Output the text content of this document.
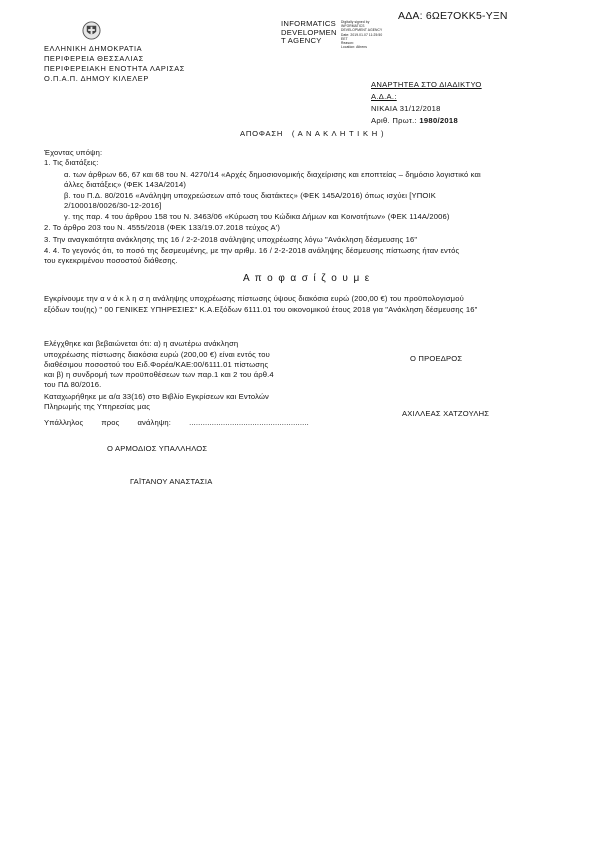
ΑΔΑ: 6ΩΕ7ΟΚΚ5-ΥΞΝ
ΕΛΛΗΝΙΚΗ ΔΗΜΟΚΡΑΤΙΑ
ΠΕΡΙΦΕΡΕΙΑ ΘΕΣΣΑΛΙΑΣ
ΠΕΡΙΦΕΡΕΙΑΚΗ ΕΝΟΤΗΤΑ ΛΑΡΙΣΑΣ
Ο.Π.Α.Π. ΔΗΜΟΥ ΚΙΛΕΛΕΡ
INFORMATICS
DEVELOPMEN
T AGENCY
Digitally signed by
INFORMATICS
DEVELOPMENT AGENCY
Date: 2019.01.07 11:25:50
EET
Reason:
Location: Athens
ΑΝΑΡΤΗΤΕΑ ΣΤΟ ΔΙΑΔΙΚΤΥΟ
Α.Δ.Α.:
ΝΙΚΑΙΑ 31/12/2018
Αριθ. Πρωτ.: 1980/2018
ΑΠΟΦΑΣΗ   ( Α Ν Α Κ Λ Η Τ Ι Κ Η )
Έχοντας υπόψη:
1. Τις διατάξεις:
α. των άρθρων 66, 67 και 68 του Ν. 4270/14 «Αρχές δημοσιονομικής διαχείρισης και εποπτείας – δημόσιο λογιστικό και
άλλες διατάξεις» (ΦΕΚ 143Α/2014)
β. του Π.Δ. 80/2016 «Ανάληψη υποχρεώσεων από τους διατάκτες» (ΦΕΚ 145Α/2016) όπως ισχύει [ΥΠΟΙΚ
2/100018/0026/30-12-2016]
γ. της παρ. 4 του άρθρου 158 του Ν. 3463/06 «Κύρωση του Κώδικα Δήμων και Κοινοτήτων» (ΦΕΚ 114Α/2006)
2. Το άρθρο 203 του Ν. 4555/2018 (ΦΕΚ 133/19.07.2018 τεύχος Α')
3. Την αναγκαιότητα ανάκλησης της 16 / 2-2-2018 ανάληψης υποχρέωσης λόγω "Ανάκληση δέσμευσης 16"
4. 4. Το γεγονός ότι, το ποσό της δεσμευμένης, με την αριθμ. 16 / 2-2-2018 ανάληψης δέσμευσης πίστωσης ήταν εντός
του εγκεκριμένου ποσοστού διάθεσης.
Α π ο φ α σ ί ζ ο υ μ ε
Εγκρίνουμε την α ν ά κ λ η σ η ανάληψης υποχρέωσης πίστωσης ύψους διακόσια ευρώ (200,00 €) του προϋπολογισμού
εξόδων του(ης) " 00 ΓΕΝΙΚΕΣ ΥΠΗΡΕΣΙΕΣ" Κ.Α.Εξόδων 6111.01 του οικονομικού έτους 2018 για "Ανάκληση δέσμευσης 16"
Ελέγχθηκε και βεβαιώνεται ότι: α) η ανωτέρω ανάκληση
υποχρέωσης πίστωσης διακόσια ευρώ (200,00 €) είναι εντός του
διαθέσιμου ποσοστού του Ειδ.Φορέα/ΚΑΕ:00/6111.01 πίστωσης
και β) η συνδρομή των προϋποθέσεων των παρ.1 και 2 του άρθ.4
του ΠΔ 80/2016.
Καταχωρήθηκε με α/α 33(16) στο Βιβλίο Εγκρίσεων και Εντολών
Πληρωμής της Υπηρεσίας μας
Υπάλληλος        προς        ανάληψη:        .....................................................
Ο ΑΡΜΟΔΙΟΣ ΥΠΑΛΛΗΛΟΣ
ΓΑΪΤΑΝΟΥ ΑΝΑΣΤΑΣΙΑ
Ο ΠΡΟΕΔΡΟΣ
ΑΧΙΛΛΕΑΣ ΧΑΤΖΟΥΛΗΣ
